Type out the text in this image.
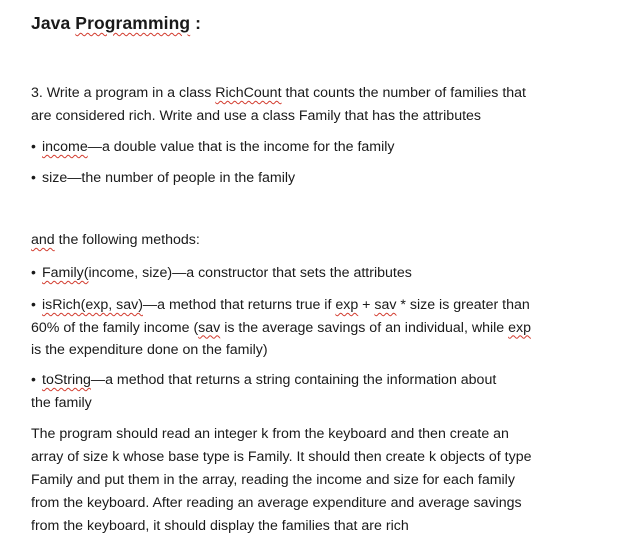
Java Programming :

3. Write a program in a class RichCount that counts the number of families that
are considered rich. Write and use a class Family that has the attributes

• income—a double value that is the income for the family

• size—the number of people in the family

and the following methods:

• Family(income, size)—a constructor that sets the attributes

• isRich(exp, sav)—a method that returns true if exp + sav * size is greater than
60% of the family income (sav is the average savings of an individual, while exp
is the expenditure done on the family)

• toString—a method that returns a string containing the information about
the family

The program should read an integer k from the keyboard and then create an
array of size k whose base type is Family. It should then create k objects of type
Family and put them in the array, reading the income and size for each family
from the keyboard. After reading an average expenditure and average savings
from the keyboard, it should display the families that are rich
